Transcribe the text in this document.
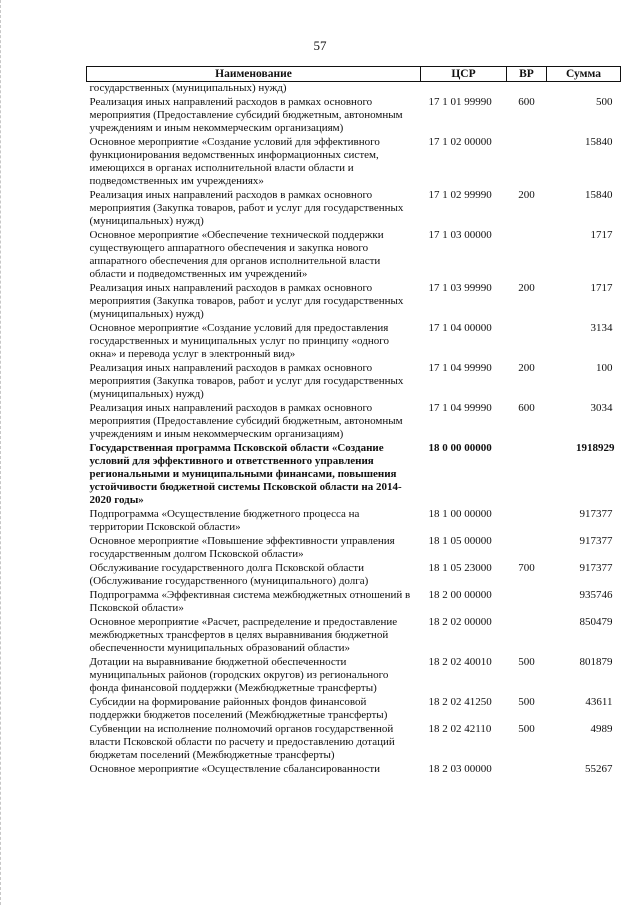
57
Наименование	ЦСР	ВР	Сумма
государственных (муниципальных) нужд)			
Реализация иных направлений расходов в рамках основного мероприятия (Предоставление субсидий бюджетным, автономным учреждениям и иным некоммерческим организациям)	17 1 01 99990	600	500
Основное мероприятие «Создание условий для эффективного функционирования ведомственных информационных систем, имеющихся в органах исполнительной власти области и подведомственных им учреждениях»	17 1 02 00000		15840
Реализация иных направлений расходов в рамках основного мероприятия (Закупка товаров, работ и услуг для государственных (муниципальных) нужд)	17 1 02 99990	200	15840
Основное мероприятие «Обеспечение технической поддержки существующего аппаратного обеспечения и закупка нового аппаратного обеспечения для органов исполнительной власти области и подведомственных им учреждений»	17 1 03 00000		1717
Реализация иных направлений расходов в рамках основного мероприятия (Закупка товаров, работ и услуг для государственных (муниципальных) нужд)	17 1 03 99990	200	1717
Основное мероприятие «Создание условий для предоставления государственных и муниципальных услуг по принципу «одного окна» и перевода услуг в электронный вид»	17 1 04 00000		3134
Реализация иных направлений расходов в рамках основного мероприятия (Закупка товаров, работ и услуг для государственных (муниципальных) нужд)	17 1 04 99990	200	100
Реализация иных направлений расходов в рамках основного мероприятия (Предоставление субсидий бюджетным, автономным учреждениям и иным некоммерческим организациям)	17 1 04 99990	600	3034
Государственная программа Псковской области «Создание условий для эффективного и ответственного управления региональными и муниципальными финансами, повышения устойчивости бюджетной системы Псковской области на 2014-2020 годы»	18 0 00 00000		1918929
Подпрограмма «Осуществление бюджетного процесса на территории Псковской области»	18 1 00 00000		917377
Основное мероприятие «Повышение эффективности управления государственным долгом Псковской области»	18 1 05 00000		917377
Обслуживание государственного долга Псковской области (Обслуживание государственного (муниципального) долга)	18 1 05 23000	700	917377
Подпрограмма «Эффективная система межбюджетных отношений в Псковской области»	18 2 00 00000		935746
Основное мероприятие «Расчет, распределение и предоставление межбюджетных трансфертов в целях выравнивания бюджетной обеспеченности муниципальных образований области»	18 2 02 00000		850479
Дотации на выравнивание бюджетной обеспеченности муниципальных районов (городских округов) из регионального фонда финансовой поддержки (Межбюджетные трансферты)	18 2 02 40010	500	801879
Субсидии на формирование районных фондов финансовой поддержки бюджетов поселений (Межбюджетные трансферты)	18 2 02 41250	500	43611
Субвенции на исполнение полномочий органов государственной власти Псковской области по расчету и предоставлению дотаций бюджетам поселений (Межбюджетные трансферты)	18 2 02 42110	500	4989
Основное мероприятие «Осуществление сбалансированности	18 2 03 00000		55267
